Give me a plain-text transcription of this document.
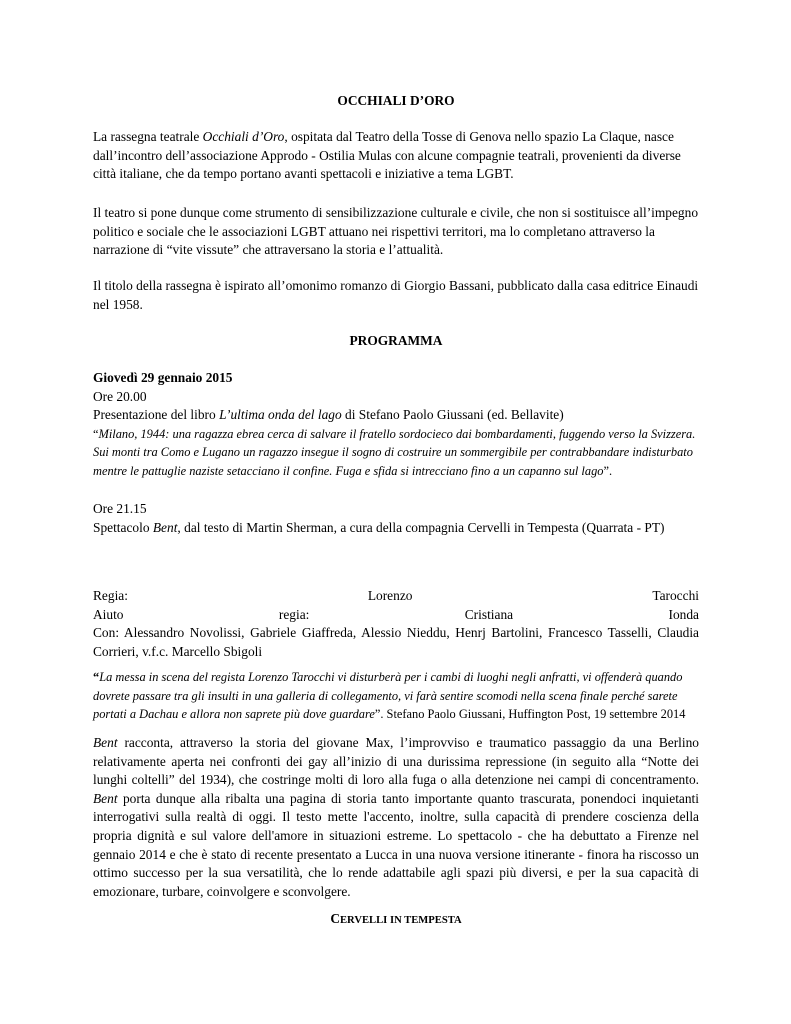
OCCHIALI D’ORO

La rassegna teatrale Occhiali d’Oro, ospitata dal Teatro della Tosse di Genova nello spazio La Claque, nasce dall’incontro dell’associazione Approdo - Ostilia Mulas con alcune compagnie teatrali, provenienti da diverse città italiane, che da tempo portano avanti spettacoli e iniziative a tema LGBT.

Il teatro si pone dunque come strumento di sensibilizzazione culturale e civile, che non si sostituisce all’impegno politico e sociale che le associazioni LGBT attuano nei rispettivi territori, ma lo completano attraverso la narrazione di “vite vissute” che attraversano la storia e l’attualità.

Il titolo della rassegna è ispirato all’omonimo romanzo di Giorgio Bassani, pubblicato dalla casa editrice Einaudi nel 1958.

PROGRAMMA

Giovedì 29 gennaio 2015
Ore 20.00
Presentazione del libro L’ultima onda del lago di Stefano Paolo Giussani (ed. Bellavite)
“Milano, 1944: una ragazza ebrea cerca di salvare il fratello sordocieco dai bombardamenti, fuggendo verso la Svizzera. Sui monti tra Como e Lugano un ragazzo insegue il sogno di costruire un sommergibile per contrabbandare indisturbato mentre le pattuglie naziste setacciano il confine. Fuga e sfida si intrecciano fino a un capanno sul lago”.
Ore 21.15
Spettacolo Bent, dal testo di Martin Sherman, a cura della compagnia Cervelli in Tempesta (Quarrata - PT)
Regia:	Lorenzo	Tarocchi
Aiuto	regia:	Cristiana	Ionda
Con: Alessandro Novolissi, Gabriele Giaffreda, Alessio Nieddu, Henrj Bartolini, Francesco Tasselli, Claudia Corrieri, v.f.c. Marcello Sbigoli

“La messa in scena del regista Lorenzo Tarocchi vi disturberà per i cambi di luoghi negli anfratti, vi offenderà quando dovrete passare tra gli insulti in una galleria di collegamento, vi farà sentire scomodi nella scena finale perché sarete portati a Dachau e allora non saprete più dove guardare”. Stefano Paolo Giussani, Huffington Post, 19 settembre 2014

Bent racconta, attraverso la storia del giovane Max, l’improvviso e traumatico passaggio da una Berlino relativamente aperta nei confronti dei gay all’inizio di una durissima repressione (in seguito alla “Notte dei lunghi coltelli” del 1934), che costringe molti di loro alla fuga o alla detenzione nei campi di concentramento. Bent porta dunque alla ribalta una pagina di storia tanto importante quanto trascurata, ponendoci inquietanti interrogativi sulla realtà di oggi. Il testo mette l'accento, inoltre, sulla capacità di prendere coscienza della propria dignità e sul valore dell'amore in situazioni estreme. Lo spettacolo - che ha debuttato a Firenze nel gennaio 2014 e che è stato di recente presentato a Lucca in una nuova versione itinerante - finora ha riscosso un ottimo successo per la sua versatilità, che lo rende adattabile agli spazi più diversi, e per la sua capacità di emozionare, turbare, coinvolgere e sconvolgere.

CERVELLI IN TEMPESTA
